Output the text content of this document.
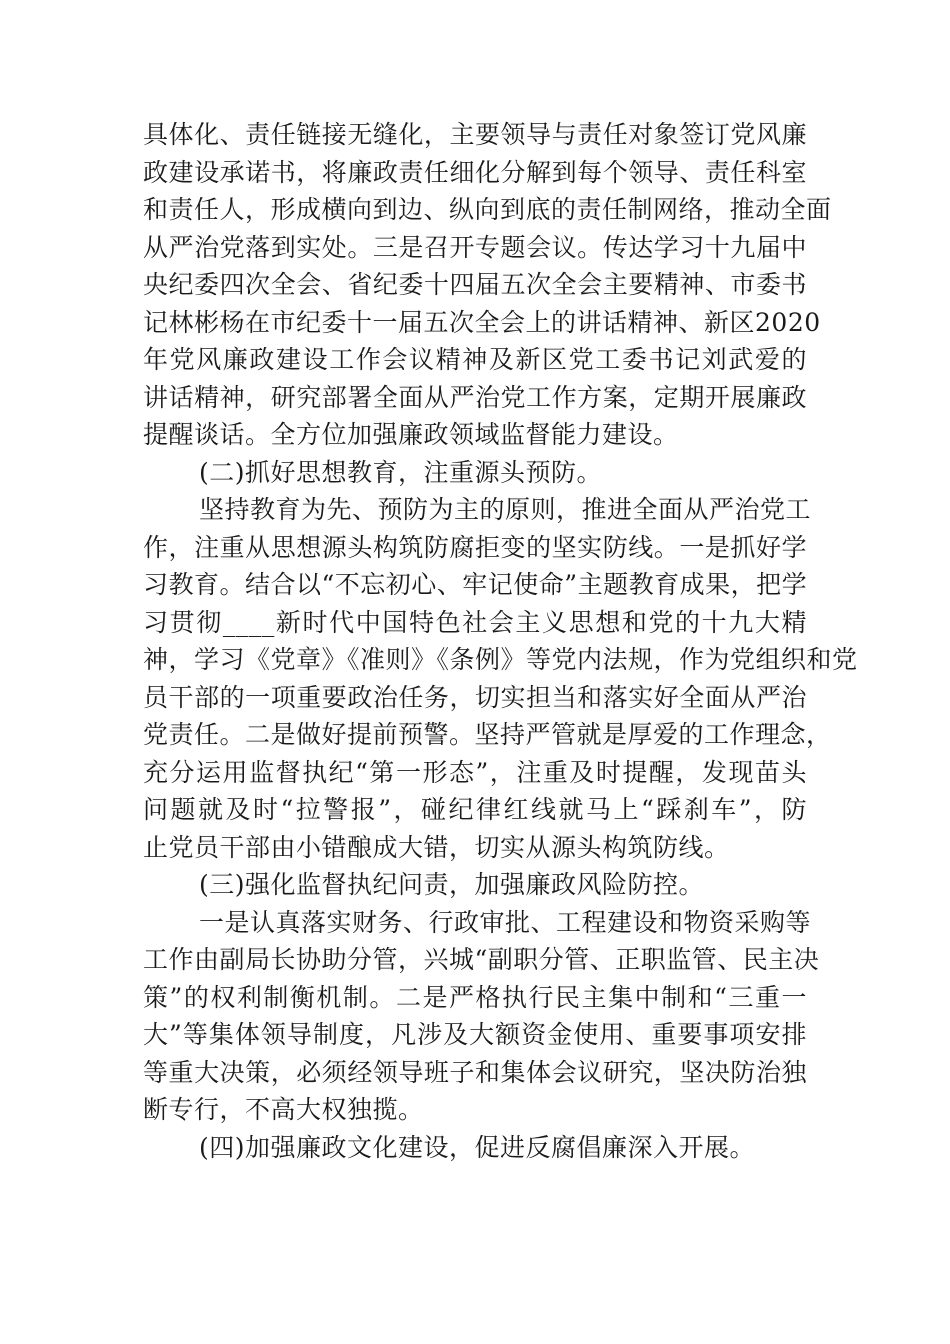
具体化、责任链接无缝化，主要领导与责任对象签订党风廉
政建设承诺书，将廉政责任细化分解到每个领导、责任科室
和责任人，形成横向到边、纵向到底的责任制网络，推动全面
从严治党落到实处。三是召开专题会议。传达学习十九届中
央纪委四次全会、省纪委十四届五次全会主要精神、市委书
记林彬杨在市纪委十一届五次全会上的讲话精神、新区2020
年党风廉政建设工作会议精神及新区党工委书记刘武爱的
讲话精神，研究部署全面从严治党工作方案，定期开展廉政
提醒谈话。全方位加强廉政领域监督能力建设。
(二)抓好思想教育，注重源头预防。
坚持教育为先、预防为主的原则，推进全面从严治党工
作，注重从思想源头构筑防腐拒变的坚实防线。一是抓好学
习教育。结合以“不忘初心、牢记使命”主题教育成果，把学
习贯彻____新时代中国特色社会主义思想和党的十九大精
神，学习《党章》《准则》《条例》等党内法规，作为党组织和党
员干部的一项重要政治任务，切实担当和落实好全面从严治
党责任。二是做好提前预警。坚持严管就是厚爱的工作理念，
充分运用监督执纪“第一形态”，注重及时提醒，发现苗头
问题就及时“拉警报”，碰纪律红线就马上“踩刹车”，防
止党员干部由小错酿成大错，切实从源头构筑防线。
(三)强化监督执纪问责，加强廉政风险防控。
一是认真落实财务、行政审批、工程建设和物资采购等
工作由副局长协助分管，兴城“副职分管、正职监管、民主决
策”的权利制衡机制。二是严格执行民主集中制和“三重一
大”等集体领导制度，凡涉及大额资金使用、重要事项安排
等重大决策，必须经领导班子和集体会议研究，坚决防治独
断专行，不高大权独揽。
(四)加强廉政文化建设，促进反腐倡廉深入开展。
